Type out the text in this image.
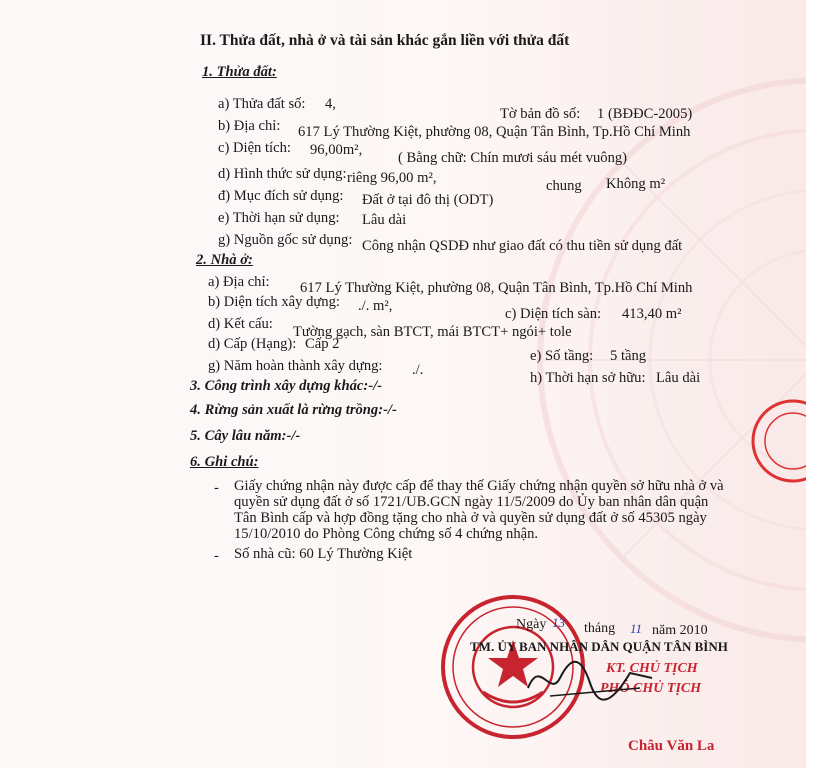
II. Thửa đất, nhà ở và tài sản khác gắn liền với thửa đất
1. Thửa đất:
a) Thửa đất số: 4,
Tờ bản đồ số: 1 (BĐĐC-2005)
b) Địa chỉ: 617 Lý Thường Kiệt, phường 08, Quận Tân Bình, Tp.Hồ Chí Minh
c) Diện tích: 96,00m², ( Bằng chữ: Chín mươi sáu mét vuông)
d) Hình thức sử dụng: riêng 96,00 m²,	chung Không m²
đ) Mục đích sử dụng: Đất ở tại đô thị (ODT)
e) Thời hạn sử dụng: Lâu dài
g) Nguồn gốc sử dụng: Công nhận QSDĐ như giao đất có thu tiền sử dụng đất
2. Nhà ở:
a) Địa chỉ: 617 Lý Thường Kiệt, phường 08, Quận Tân Bình, Tp.Hồ Chí Minh
b) Diện tích xây dựng: ./. m²,	c) Diện tích sàn: 413,40 m²
d) Kết cấu: Tường gạch, sàn BTCT, mái BTCT+ ngói+ tole
d) Cấp (Hạng): Cấp 2
e) Số tầng: 5 tầng
g) Năm hoàn thành xây dựng: ./.	h) Thời hạn sở hữu: Lâu dài
3. Công trình xây dựng khác:-/-
4. Rừng sản xuất là rừng trồng:-/-
5. Cây lâu năm:-/-
6. Ghi chú:
- Giấy chứng nhận này được cấp để thay thế Giấy chứng nhận quyền sở hữu nhà ở và
quyền sử dụng đất ở số 1721/UB.GCN ngày 11/5/2009 do Ủy ban nhân dân quận
Tân Bình cấp và hợp đồng tặng cho nhà ở và quyền sử dụng đất ở số 45305 ngày
15/10/2010 do Phòng Công chứng số 4 chứng nhận.
- Số nhà cũ: 60 Lý Thường Kiệt
Ngày 13 tháng 11 năm 2010
TM. ỦY BAN NHÂN DÂN QUẬN TÂN BÌNH
KT. CHỦ TỊCH
PHÓ CHỦ TỊCH
Châu Văn La
